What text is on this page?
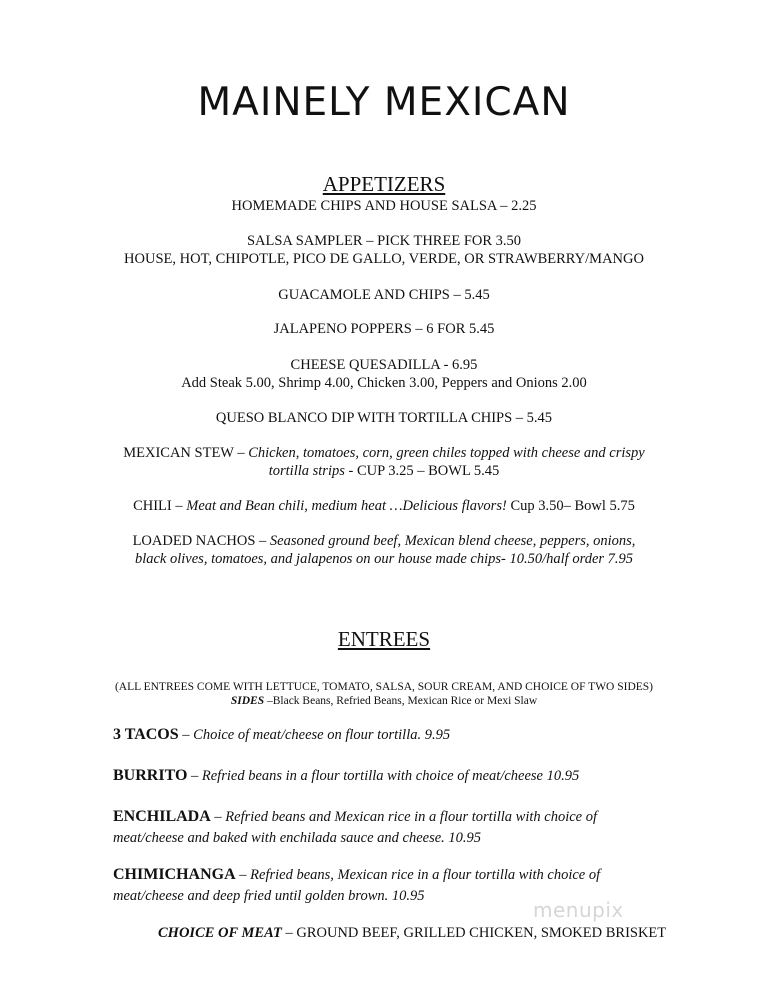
MAINELY MEXICAN
APPETIZERS
HOMEMADE CHIPS AND HOUSE SALSA – 2.25
SALSA SAMPLER – PICK THREE FOR 3.50
HOUSE, HOT, CHIPOTLE, PICO DE GALLO, VERDE, OR STRAWBERRY/MANGO
GUACAMOLE AND CHIPS – 5.45
JALAPENO POPPERS – 6 FOR 5.45
CHEESE QUESADILLA - 6.95
Add Steak 5.00, Shrimp 4.00, Chicken 3.00, Peppers and Onions 2.00
QUESO BLANCO DIP WITH TORTILLA CHIPS – 5.45
MEXICAN STEW – Chicken, tomatoes, corn, green chiles topped with cheese and crispy
tortilla strips - CUP 3.25 – BOWL 5.45
CHILI – Meat and Bean chili, medium heat …Delicious flavors! Cup 3.50– Bowl 5.75
LOADED NACHOS – Seasoned ground beef, Mexican blend cheese, peppers, onions,
black olives, tomatoes, and jalapenos on our house made chips- 10.50/half order 7.95
ENTREES
(ALL ENTREES COME WITH LETTUCE, TOMATO, SALSA, SOUR CREAM, AND CHOICE OF TWO SIDES)
SIDES –Black Beans, Refried Beans, Mexican Rice or Mexi Slaw
3 TACOS – Choice of meat/cheese on flour tortilla. 9.95
BURRITO – Refried beans in a flour tortilla with choice of meat/cheese 10.95
ENCHILADA – Refried beans and Mexican rice in a flour tortilla with choice of
meat/cheese and baked with enchilada sauce and cheese. 10.95
CHIMICHANGA – Refried beans, Mexican rice in a flour tortilla with choice of
meat/cheese and deep fried until golden brown. 10.95
CHOICE OF MEAT – GROUND BEEF, GRILLED CHICKEN, SMOKED BRISKET
menupix
